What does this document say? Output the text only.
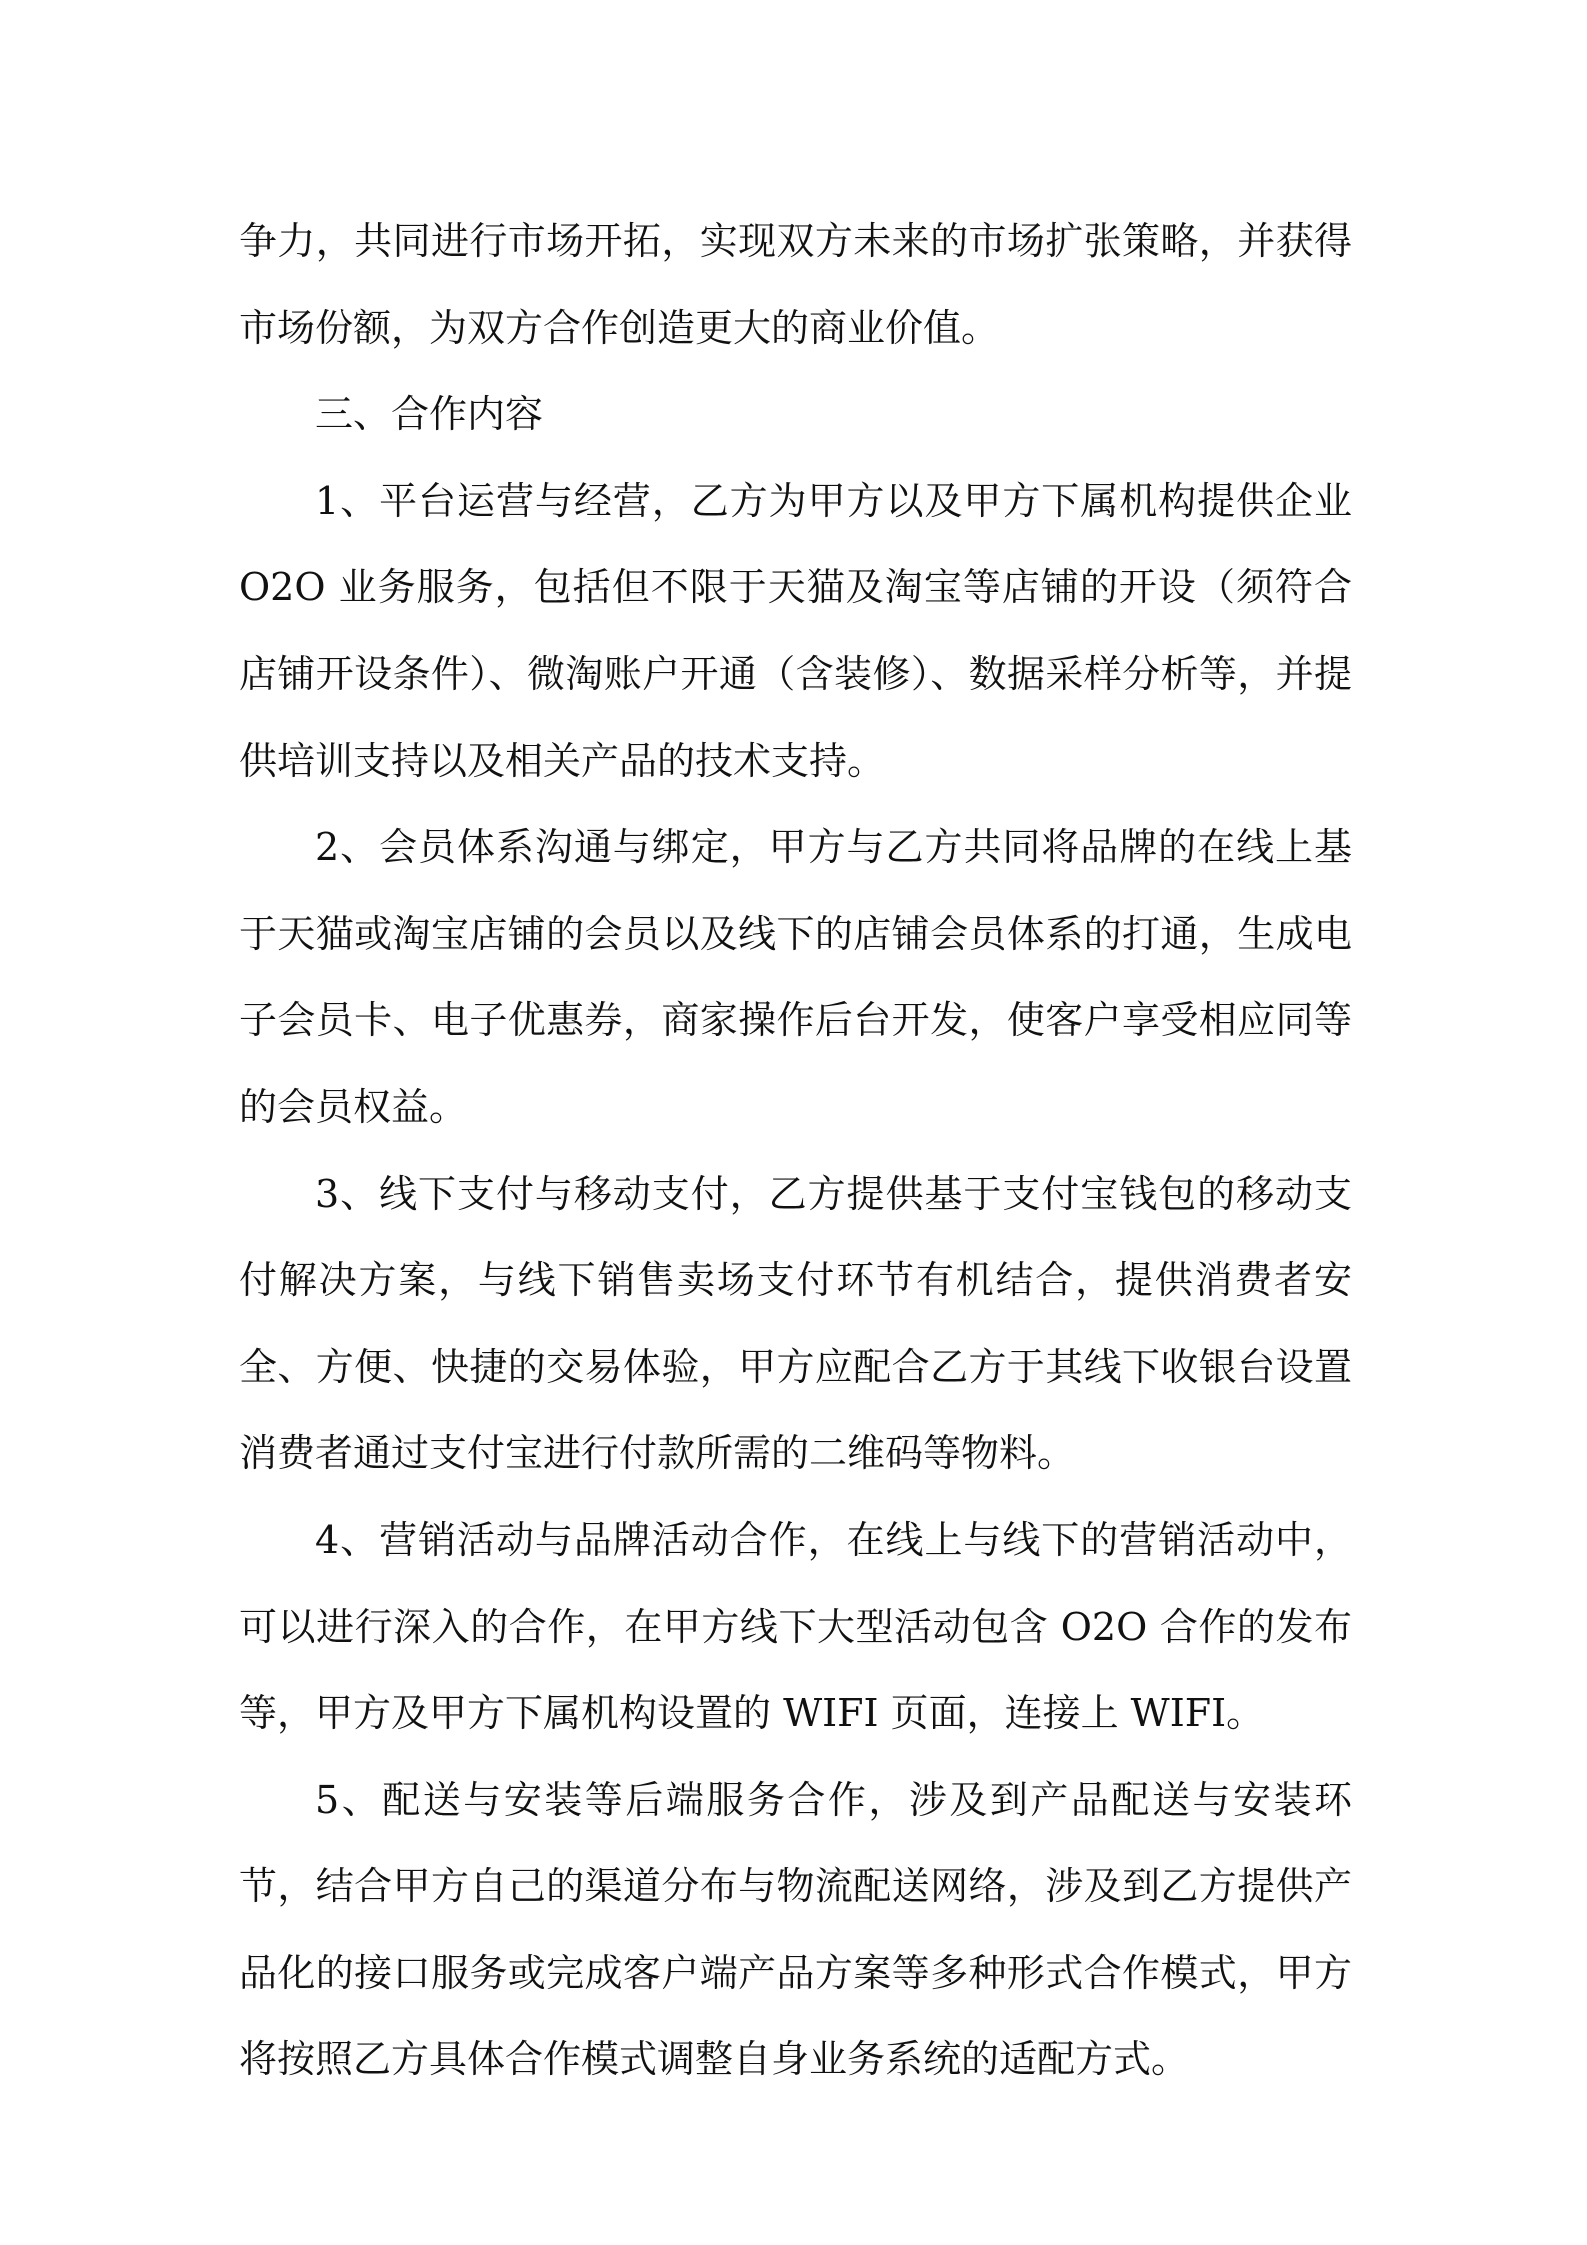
争力，共同进行市场开拓，实现双方未来的市场扩张策略，并获得市场份额，为双方合作创造更大的商业价值。

三、合作内容

1、平台运营与经营，乙方为甲方以及甲方下属机构提供企业 O2O 业务服务，包括但不限于天猫及淘宝等店铺的开设（须符合店铺开设条件）、微淘账户开通（含装修）、数据采样分析等，并提供培训支持以及相关产品的技术支持。

2、会员体系沟通与绑定，甲方与乙方共同将品牌的在线上基于天猫或淘宝店铺的会员以及线下的店铺会员体系的打通，生成电子会员卡、电子优惠券，商家操作后台开发，使客户享受相应同等的会员权益。

3、线下支付与移动支付，乙方提供基于支付宝钱包的移动支付解决方案，与线下销售卖场支付环节有机结合，提供消费者安全、方便、快捷的交易体验，甲方应配合乙方于其线下收银台设置消费者通过支付宝进行付款所需的二维码等物料。

4、营销活动与品牌活动合作，在线上与线下的营销活动中，可以进行深入的合作，在甲方线下大型活动包含 O2O 合作的发布等，甲方及甲方下属机构设置的 WIFI 页面，连接上 WIFI。

5、配送与安装等后端服务合作，涉及到产品配送与安装环节，结合甲方自己的渠道分布与物流配送网络，涉及到乙方提供产品化的接口服务或完成客户端产品方案等多种形式合作模式，甲方将按照乙方具体合作模式调整自身业务系统的适配方式。
